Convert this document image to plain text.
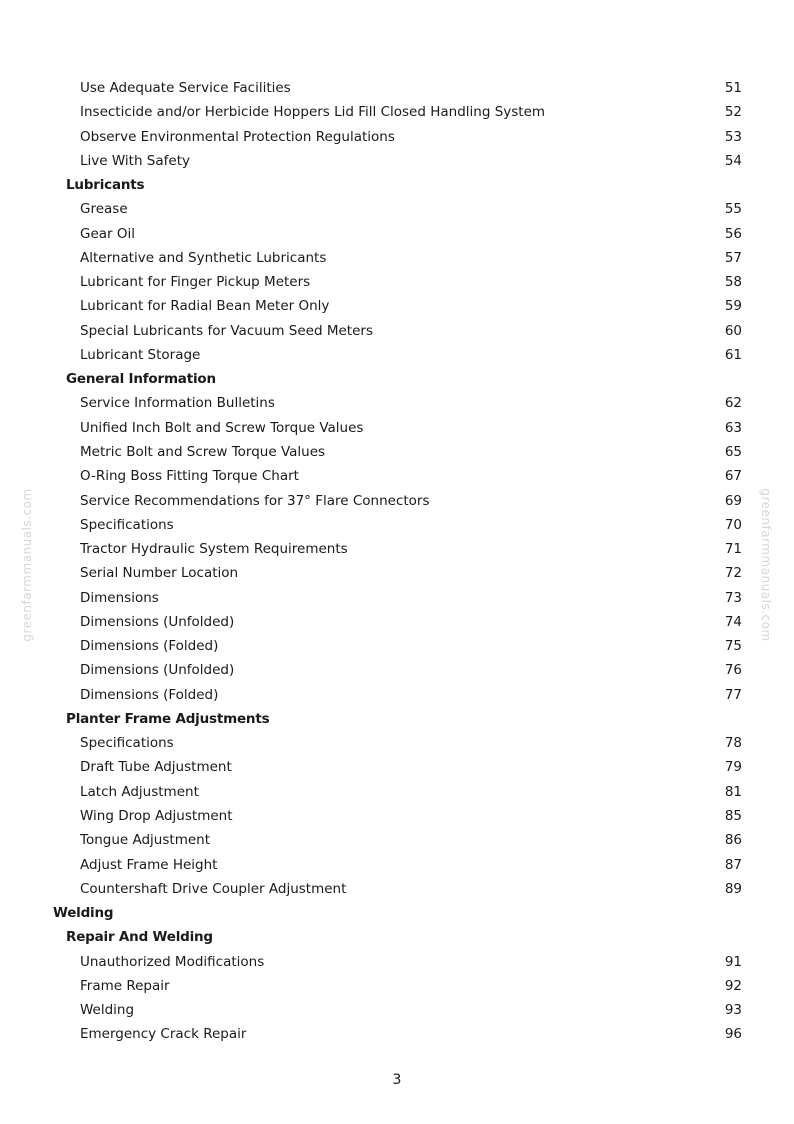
Use Adequate Service Facilities	51
Insecticide and/or Herbicide Hoppers Lid Fill Closed Handling System	52
Observe Environmental Protection Regulations	53
Live With Safety	54
Lubricants
Grease	55
Gear Oil	56
Alternative and Synthetic Lubricants	57
Lubricant for Finger Pickup Meters	58
Lubricant for Radial Bean Meter Only	59
Special Lubricants for Vacuum Seed Meters	60
Lubricant Storage	61
General Information
Service Information Bulletins	62
Unified Inch Bolt and Screw Torque Values	63
Metric Bolt and Screw Torque Values	65
O-Ring Boss Fitting Torque Chart	67
Service Recommendations for 37° Flare Connectors	69
Specifications	70
Tractor Hydraulic System Requirements	71
Serial Number Location	72
Dimensions	73
Dimensions (Unfolded)	74
Dimensions (Folded)	75
Dimensions (Unfolded)	76
Dimensions (Folded)	77
Planter Frame Adjustments
Specifications	78
Draft Tube Adjustment	79
Latch Adjustment	81
Wing Drop Adjustment	85
Tongue Adjustment	86
Adjust Frame Height	87
Countershaft Drive Coupler Adjustment	89
Welding
Repair And Welding
Unauthorized Modifications	91
Frame Repair	92
Welding	93
Emergency Crack Repair	96
3
greenfarmmanuals.com	greenfarmmanuals.com
